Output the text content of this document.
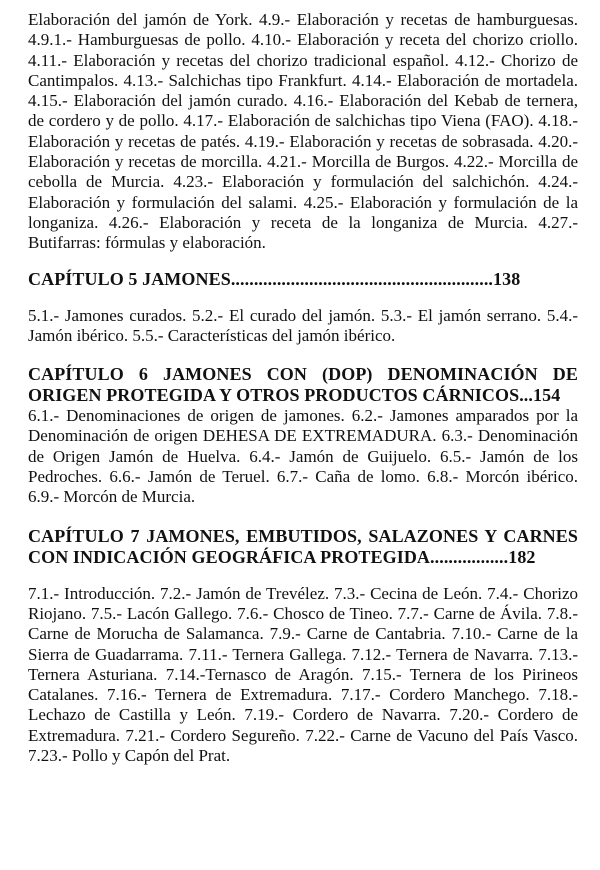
Elaboración del jamón de York. 4.9.- Elaboración y recetas de hamburguesas. 4.9.1.- Hamburguesas de pollo. 4.10.- Elaboración y receta del chorizo criollo. 4.11.- Elaboración y recetas del chorizo tradicional español. 4.12.- Chorizo de Cantimpalos. 4.13.- Salchichas tipo Frankfurt. 4.14.- Elaboración de mortadela. 4.15.- Elaboración del jamón curado. 4.16.- Elaboración del Kebab de ternera, de cordero y de pollo. 4.17.- Elaboración de salchichas tipo Viena (FAO). 4.18.- Elaboración y recetas de patés. 4.19.- Elaboración y recetas de sobrasada. 4.20.- Elaboración y recetas de morcilla. 4.21.- Morcilla de Burgos. 4.22.- Morcilla de cebolla de Murcia. 4.23.- Elaboración y formulación del salchichón. 4.24.- Elaboración y formulación del salami. 4.25.- Elaboración y formulación de la longaniza. 4.26.- Elaboración y receta de la longaniza de Murcia. 4.27.- Butifarras: fórmulas y elaboración.

CAPÍTULO 5 JAMONES.........................................................138

5.1.- Jamones curados. 5.2.- El curado del jamón. 5.3.- El jamón serrano. 5.4.- Jamón ibérico. 5.5.- Características del jamón ibérico.

CAPÍTULO 6 JAMONES CON (DOP) DENOMINACIÓN DE ORIGEN PROTEGIDA Y OTROS PRODUCTOS CÁRNICOS...154

6.1.- Denominaciones de origen de jamones. 6.2.- Jamones amparados por la Denominación de origen DEHESA DE EXTREMADURA. 6.3.- Denominación de Origen Jamón de Huelva. 6.4.- Jamón de Guijuelo. 6.5.- Jamón de los Pedroches. 6.6.- Jamón de Teruel. 6.7.- Caña de lomo. 6.8.- Morcón ibérico. 6.9.- Morcón de Murcia.

CAPÍTULO 7 JAMONES, EMBUTIDOS, SALAZONES Y CARNES CON INDICACIÓN GEOGRÁFICA PROTEGIDA.................182

7.1.- Introducción. 7.2.- Jamón de Trevélez. 7.3.- Cecina de León. 7.4.- Chorizo Riojano. 7.5.- Lacón Gallego. 7.6.- Chosco de Tineo. 7.7.- Carne de Ávila. 7.8.- Carne de Morucha de Salamanca. 7.9.- Carne de Cantabria. 7.10.- Carne de la Sierra de Guadarrama. 7.11.- Ternera Gallega. 7.12.- Ternera de Navarra. 7.13.- Ternera Asturiana. 7.14.-Ternasco de Aragón. 7.15.- Ternera de los Pirineos Catalanes. 7.16.- Ternera de Extremadura. 7.17.- Cordero Manchego. 7.18.- Lechazo de Castilla y León. 7.19.- Cordero de Navarra. 7.20.- Cordero de Extremadura. 7.21.- Cordero Segureño. 7.22.- Carne de Vacuno del País Vasco. 7.23.- Pollo y Capón del Prat.
